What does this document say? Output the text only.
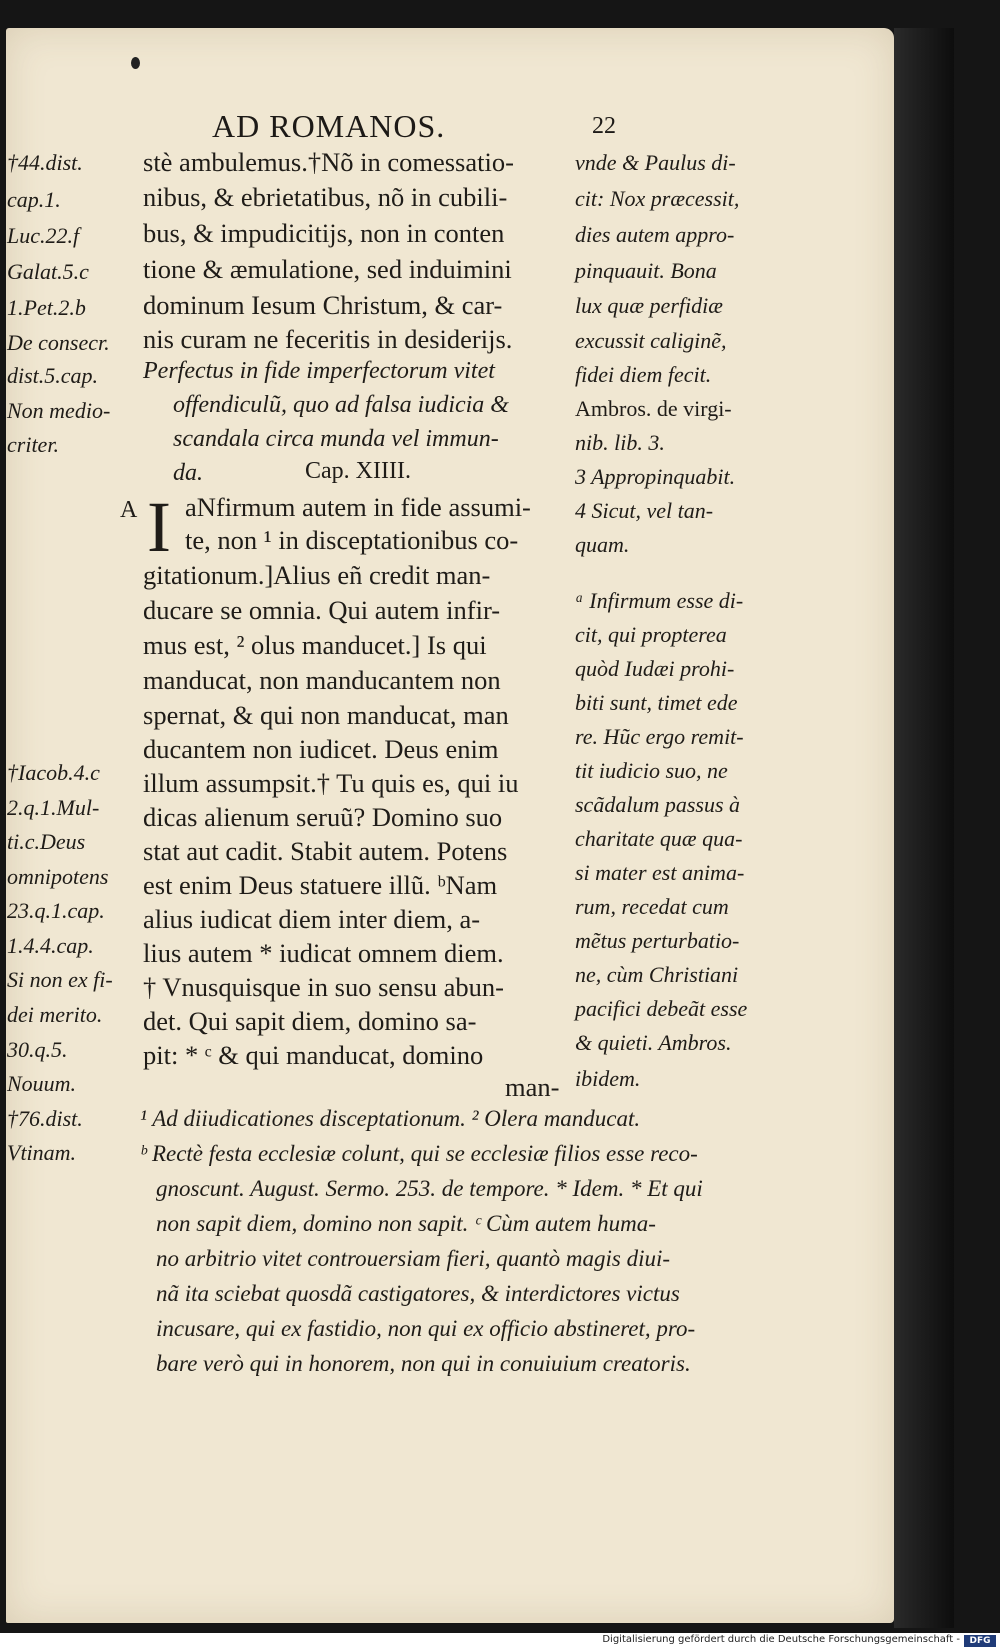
AD ROMANOS.	22
†44.dist.
cap.1.
Luc.22.f
Galat.5.c
1.Pet.2.b
De consecr.
dist.5.cap.
Non medio-
criter.
†Iacob.4.c
2.q.1.Mul-
ti.c.Deus
omnipotens
23.q.1.cap.
1.4.4.cap.
Si non ex fi-
dei merito.
30.q.5.
Nouum.
†76.dist.
Vtinam.
stè ambulemus.†Nõ in comessatio-
nibus, & ebrietatibus, nõ in cubili-
bus, & impudicitijs, non in conten
tione & æmulatione, sed induimini
dominum Iesum Christum, & car-
nis curam ne feceritis in desiderijs.
Perfectus in fide imperfectorum vitet
offendiculũ, quo ad falsa iudicia &
scandala circa munda vel immun-
da.	Cap. XIIII.
A I aNfirmum autem in fide assumi-
te, non ¹ in disceptationibus co-
gitationum.]Alius eñ credit man-
ducare se omnia. Qui autem infir-
mus est, ² olus manducet.] Is qui
manducat, non manducantem non
spernat, & qui non manducat, man
ducantem non iudicet. Deus enim
illum assumpsit.† Tu quis es, qui iu
dicas alienum seruũ? Domino suo
stat aut cadit. Stabit autem. Potens
est enim Deus statuere illũ. ᵇNam
alius iudicat diem inter diem, a-
lius autem * iudicat omnem diem.
† Vnusquisque in suo sensu abun-
det. Qui sapit diem, domino sa-
pit: * ᶜ & qui manducat, domino
man-
vnde & Paulus di-
cit: Nox præcessit,
dies autem appro-
pinquauit. Bona
lux quæ perfidiæ
excussit caliginẽ,
fidei diem fecit.
Ambros. de virgi-
nib. lib. 3.
3 Appropinquabit.
4 Sicut, vel tan-
quam.
ᵃ Infirmum esse di-
cit, qui propterea
quòd Iudæi prohi-
biti sunt, timet ede
re. Hũc ergo remit-
tit iudicio suo, ne
scãdalum passus à
charitate quæ qua-
si mater est anima-
rum, recedat cum
mẽtus perturbatio-
ne, cùm Christiani
pacifici debeãt esse
& quieti. Ambros.
ibidem.
¹ Ad diiudicationes disceptationum. ² Olera manducat.
ᵇ Rectè festa ecclesiæ colunt, qui se ecclesiæ filios esse reco-
gnoscunt. August. Sermo. 253. de tempore. * Idem. * Et qui
non sapit diem, domino non sapit. ᶜ Cùm autem huma-
no arbitrio vitet controuersiam fieri, quantò magis diui-
nã ita sciebat quosdã castigatores, & interdictores victus
incusare, qui ex fastidio, non qui ex officio abstineret, pro-
bare verò qui in honorem, non qui in conuiuium creatoris.
Digitalisierung gefördert durch die Deutsche Forschungsgemeinschaft -	DFG
